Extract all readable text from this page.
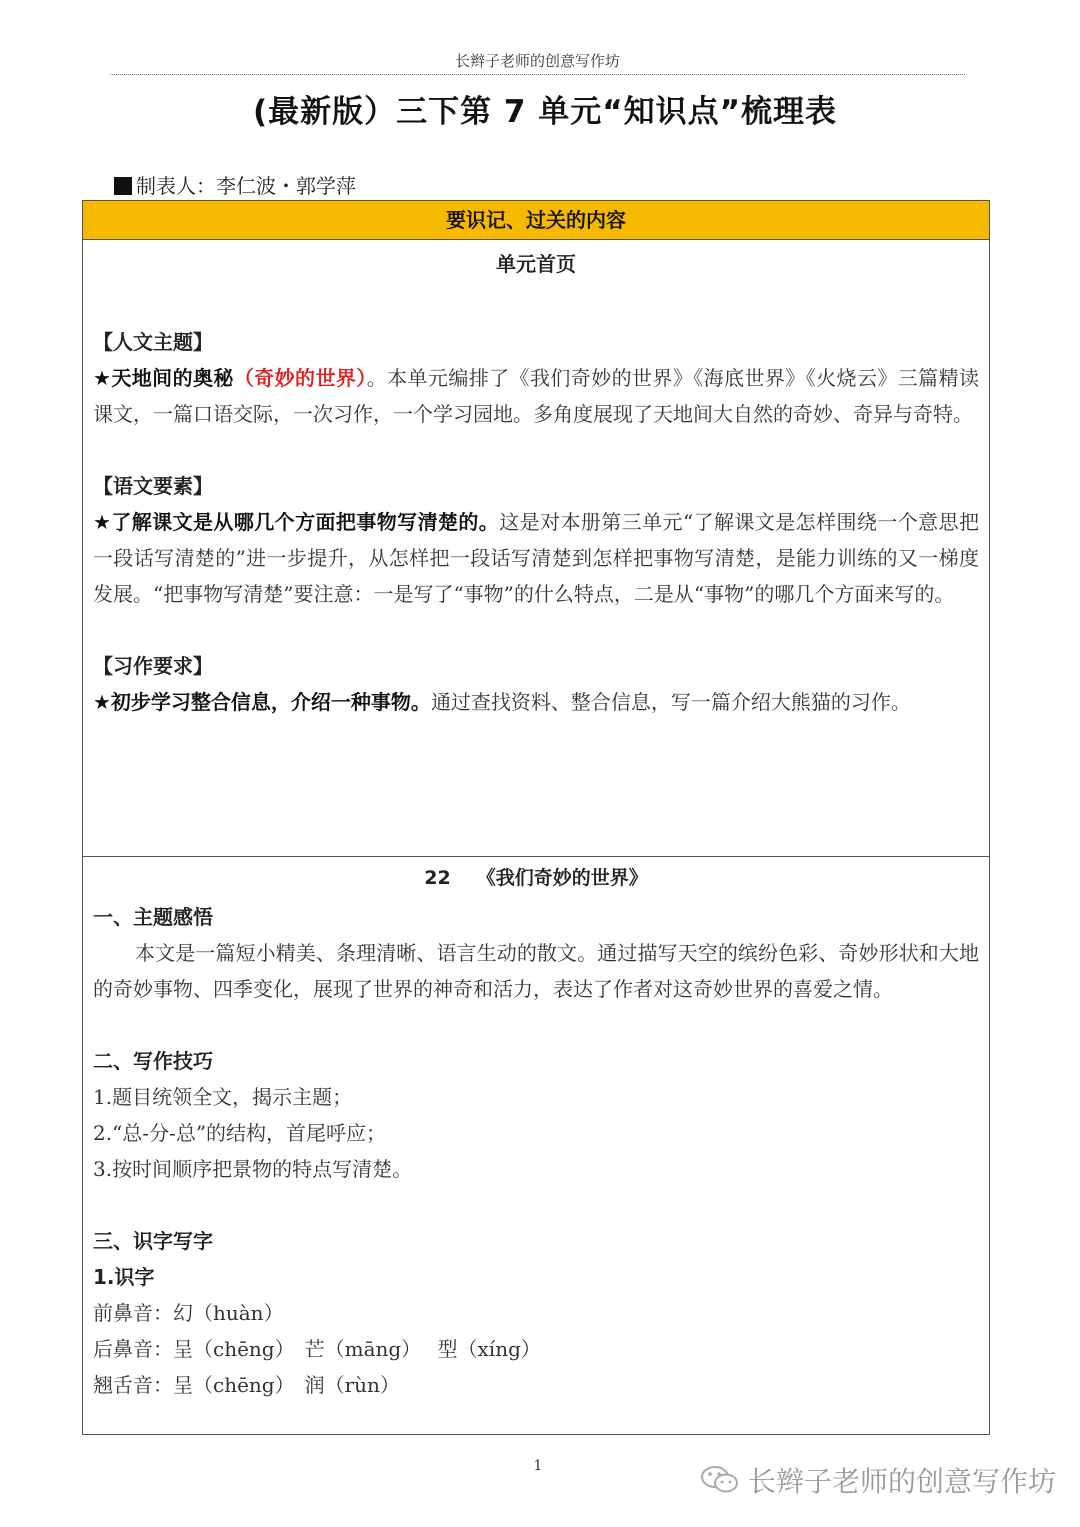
长辫子老师的创意写作坊
(最新版）三下第 7 单元“知识点”梳理表
制表人：李仁波・郭学萍
要识记、过关的内容
单元首页
【人文主题】

★天地间的奥秘（奇妙的世界）。本单元编排了《我们奇妙的世界》《海底世界》《火烧云》三篇精读课文，一篇口语交际，一次习作，一个学习园地。多角度展现了天地间大自然的奇妙、奇异与奇特。

【语文要素】

★了解课文是从哪几个方面把事物写清楚的。这是对本册第三单元“了解课文是怎样围绕一个意思把一段话写清楚的”进一步提升，从怎样把一段话写清楚到怎样把事物写清楚，是能力训练的又一梯度发展。“把事物写清楚”要注意：一是写了“事物”的什么特点，二是从“事物”的哪几个方面来写的。

【习作要求】

★初步学习整合信息，介绍一种事物。通过查找资料、整合信息，写一篇介绍大熊猫的习作。

22 《我们奇妙的世界》
一、主题感悟

本文是一篇短小精美、条理清晰、语言生动的散文。通过描写天空的缤纷色彩、奇妙形状和大地的奇妙事物、四季变化，展现了世界的神奇和活力，表达了作者对这奇妙世界的喜爱之情。

二、写作技巧

1.题目统领全文，揭示主题；

2.“总-分-总”的结构，首尾呼应；

3.按时间顺序把景物的特点写清楚。

三、识字写字
1.识字

前鼻音：幻（huàn）

后鼻音：呈（chēng）　芒（māng）　 型（xíng）

翘舌音：呈（chēng）　润（rùn）

1	长辫子老师的创意写作坊
